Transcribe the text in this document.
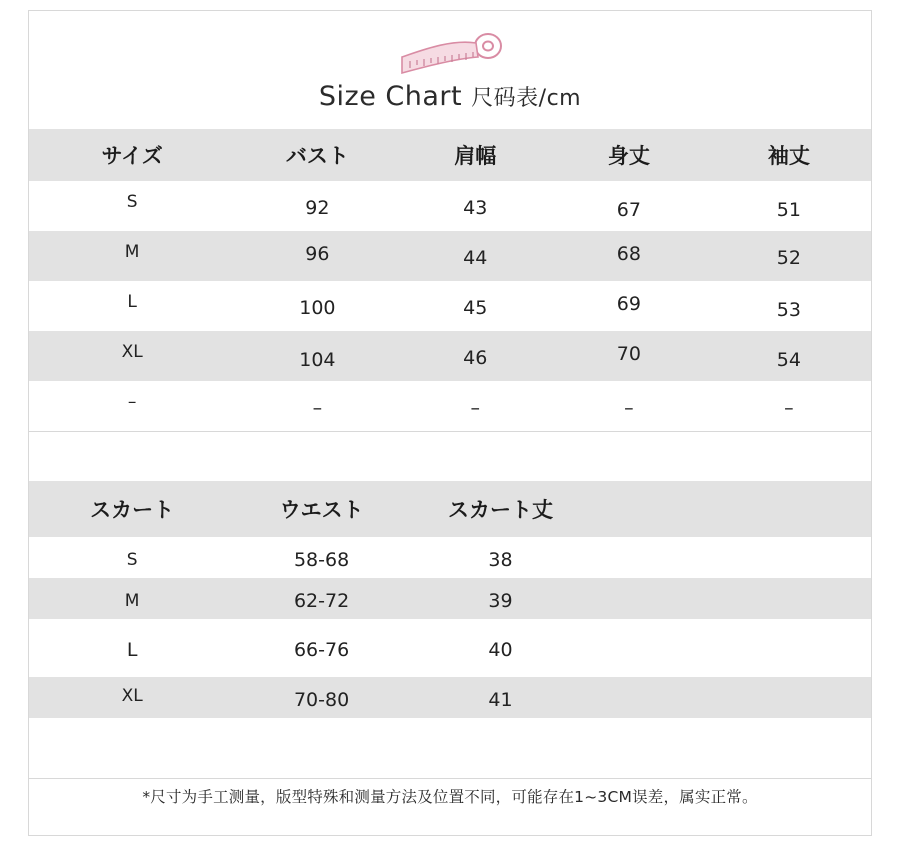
Size Chart 尺码表/cm
サイズ	バスト	肩幅	身丈	袖丈
S	92	43	67	51
M	96	44	68	52
L	100	45	69	53
XL	104	46	70	54
–	–	–	–	–
スカート	ウエスト	スカート丈
S	58-68	38
M	62-72	39
L	66-76	40
XL	70-80	41
*尺寸为手工测量，版型特殊和测量方法及位置不同，可能存在1~3CM误差，属实正常。
